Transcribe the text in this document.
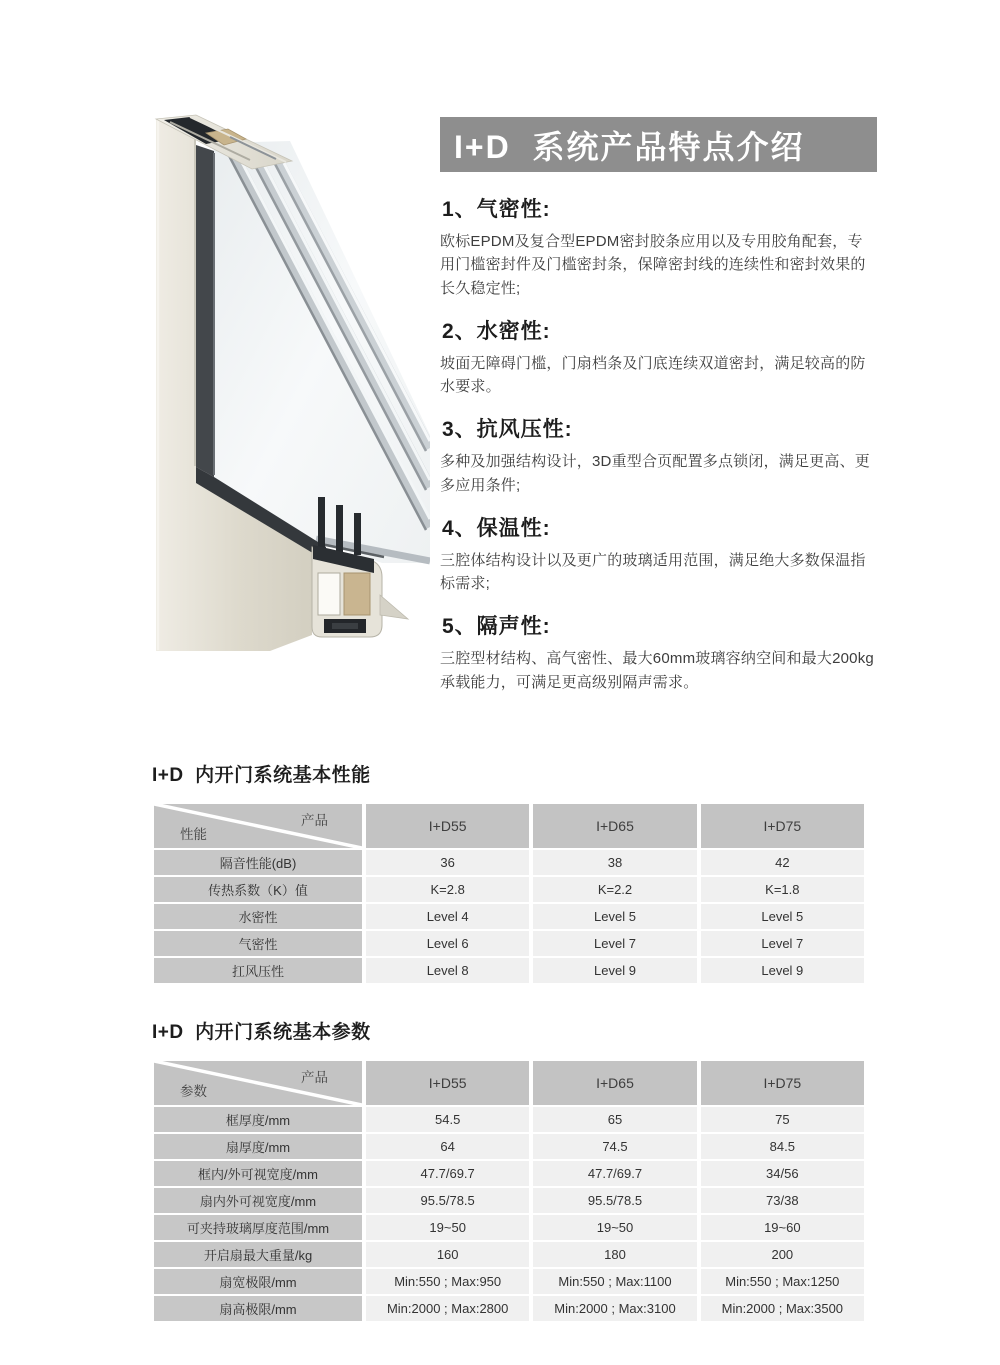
I+D  系统产品特点介绍
1、气密性:

欧标EPDM及复合型EPDM密封胶条应用以及专用胶角配套，专用门槛密封件及门槛密封条，保障密封线的连续性和密封效果的长久稳定性;

2、水密性:

坡面无障碍门槛，门扇档条及门底连续双道密封，满足较高的防水要求。

3、抗风压性:

多种及加强结构设计，3D重型合页配置多点锁闭，满足更高、更多应用条件;

4、保温性:

三腔体结构设计以及更广的玻璃适用范围，满足绝大多数保温指标需求;

5、隔声性:

三腔型材结构、高气密性、最大60mm玻璃容纳空间和最大200kg承载能力，可满足更高级别隔声需求。

I+D  内开门系统基本性能
产品
性能	I+D55	I+D65	I+D75
隔音性能(dB)	36	38	42
传热系数（K）值	K=2.8	K=2.2	K=1.8
水密性	Level 4	Level 5	Level 5
气密性	Level 6	Level 7	Level 7
扛风压性	Level 8	Level 9	Level 9
I+D  内开门系统基本参数
产品
参数	I+D55	I+D65	I+D75
框厚度/mm	54.5	65	75
扇厚度/mm	64	74.5	84.5
框内/外可视宽度/mm	47.7/69.7	47.7/69.7	34/56
扇内外可视宽度/mm	95.5/78.5	95.5/78.5	73/38
可夹持玻璃厚度范围/mm	19~50	19~50	19~60
开启扇最大重量/kg	160	180	200
扇宽极限/mm	Min:550 ; Max:950	Min:550 ; Max:1100	Min:550 ; Max:1250
扇高极限/mm	Min:2000 ; Max:2800	Min:2000 ; Max:3100	Min:2000 ; Max:3500
